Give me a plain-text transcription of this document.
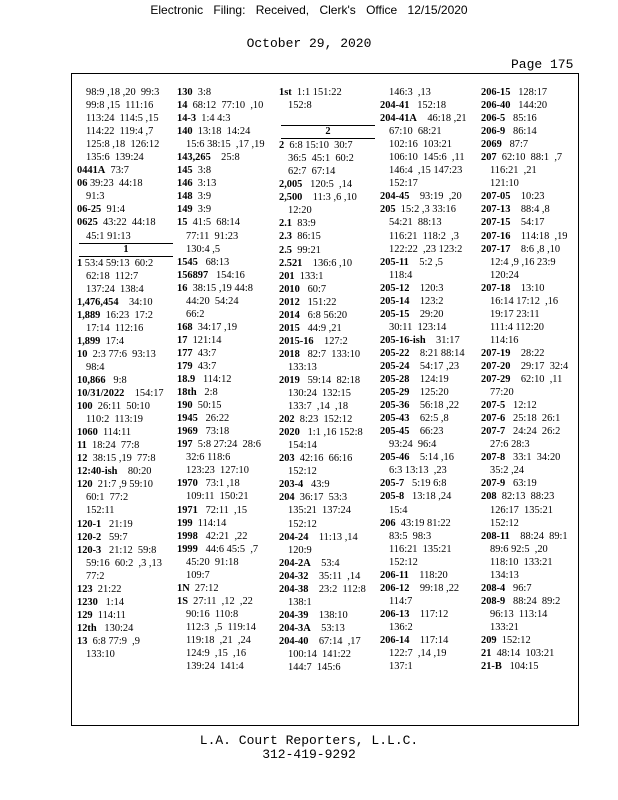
Electronic Filing: Received, Clerk's Office 12/15/2020
October 29, 2020
Page 175
98:9 ,18 ,20  99:3
99:8 ,15  111:16
113:24  114:5 ,15
114:22  119:4 ,7
125:8 ,18  126:12
135:6  139:24
0441A  73:7
06 39:23  44:18
91:3
06-25  91:4
0625  43:22  44:18
45:1 91:13
1
1 53:4 59:13  60:2
62:18  112:7
137:24  138:4
1,476,454    34:10
1,889  16:23  17:2
17:14  112:16
1,899  17:4
10  2:3 77:6  93:13
98:4
10,866   9:8
10/31/2022    154:17
100  26:11  50:10
110:2  113:19
1060  114:11
11  18:24  77:8
12  38:15 ,19  77:8
12:40-ish    80:20
120  21:7 ,9 59:10
60:1  77:2
152:11
120-1   21:19
120-2   59:7
120-3   21:12  59:8
59:16  60:2  ,3 ,13
77:2
123  21:22
1230   1:14
129  114:11
12th   130:24
13  6:8 77:9  ,9
133:10
130  3:8
14  68:12  77:10  ,10
14-3  1:4 4:3
140  13:18  14:24
15:6 38:15  ,17 ,19
143,265    25:8
145  3:8
146  3:13
148  3:9
149  3:9
15  41:5  68:14
77:11  91:23
130:4 ,5
1545   68:13
156897   154:16
16  38:15 ,19 44:8
44:20  54:24
66:2
168  34:17 ,19
17  121:14
177  43:7
179  43:7
18.9   114:12
18th   2:8
190  50:15
1945   26:22
1969   73:18
197  5:8 27:24  28:6
32:6 118:6
123:23  127:10
1970   73:1 ,18
109:11  150:21
1971   72:11  ,15
199  114:14
1998   42:21  ,22
1999   44:6 45:5  ,7
45:20  91:18
109:7
1N  27:12
1S  27:11  ,12  ,22
90:16  110:8
112:3  ,5  119:14
119:18  ,21  ,24
124:9  ,15  ,16
139:24  141:4
1st  1:1 151:22
152:8

2
2  6:8 15:10  30:7
36:5  45:1  60:2
62:7  67:14
2,005   120:5  ,14
2,500    11:3 ,6 ,10
12:20
2.1  83:9
2.3  86:15
2.5  99:21
2.521    136:6 ,10
201  133:1
2010   60:7
2012   151:22
2014   6:8 56:20
2015   44:9 ,21
2015-16    127:2
2018   82:7  133:10
133:13
2019   59:14  82:18
130:24  132:15
133:7  ,14  ,18
202  8:23  152:12
2020   1:1 ,16 152:8
154:14
203  42:16  66:16
152:12
203-4   43:9
204  36:17  53:3
135:21  137:24
152:12
204-24    11:13 ,14
120:9
204-2A    53:4
204-32    35:11  ,14
204-38    23:2  112:8
138:1
204-39    138:10
204-3A    53:13
204-40    67:14  ,17
100:14  141:22
144:7  145:6
146:3  ,13
204-41   152:18
204-41A    46:18 ,21
67:10  68:21
102:16  103:21
106:10  145:6  ,11
146:4  ,15 147:23
152:17
204-45    93:19  ,20
205  15:2 ,3 33:16
54:21  88:13
116:21  118:2  ,3
122:22  ,23 123:2
205-11    5:2 ,5
118:4
205-12    120:3
205-14    123:2
205-15    29:20
30:11  123:14
205-16-ish    31:17
205-22    8:21 88:14
205-24    54:17 ,23
205-28    124:19
205-29    125:20
205-36    56:18 ,22
205-43    62:5 ,8
205-45    66:23
93:24  96:4
205-46    5:14 ,16
6:3 13:13  ,23
205-7   5:19 6:8
205-8   13:18 ,24
15:4
206  43:19 81:22
83:5  98:3
116:21  135:21
152:12
206-11    118:20
206-12    99:18 ,22
114:7
206-13    117:12
136:2
206-14    117:14
122:7  ,14 ,19
137:1
206-15   128:17
206-40   144:20
206-5   85:16
206-9   86:14
2069   87:7
207  62:10  88:1  ,7
116:21  ,21
121:10
207-05    10:23
207-13    88:4 ,8
207-15    54:17
207-16    114:18  ,19
207-17    8:6 ,8 ,10
12:4 ,9 ,16 23:9
120:24
207-18    13:10
16:14 17:12  ,16
19:17 23:11
111:4 112:20
114:16
207-19    28:22
207-20    29:17  32:4
207-29    62:10  ,11
77:20
207-5   12:12
207-6   25:18  26:1
207-7   24:24  26:2
27:6 28:3
207-8   33:1  34:20
35:2 ,24
207-9   63:19
208  82:13  88:23
126:17  135:21
152:12
208-11    88:24  89:1
89:6 92:5  ,20
118:10  133:21
134:13
208-4   96:7
208-9   88:24  89:2
96:13  113:14
133:21
209  152:12
21  48:14  103:21
21-B   104:15
L.A. Court Reporters, L.L.C.
312-419-9292
